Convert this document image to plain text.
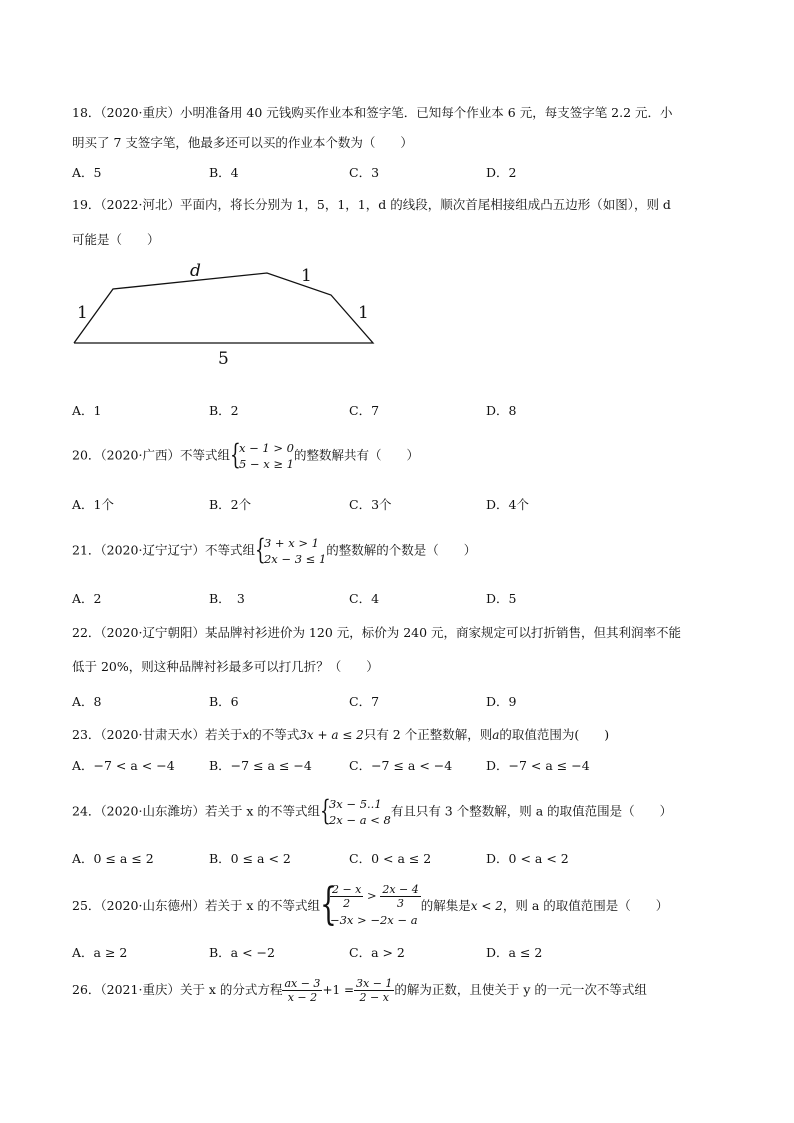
18．（2020·重庆）小明准备用 40 元钱购买作业本和签字笔．已知每个作业本 6 元，每支签字笔 2.2 元．小
明买了 7 支签字笔，他最多还可以买的作业本个数为（　　）
A．5	B．4	C．3	D．2
19．（2022·河北）平面内，将长分别为 1，5，1，1，d 的线段，顺次首尾相接组成凸五边形（如图），则 d
可能是（　　）
1
d	1
1
5
A．1	B．2	C．7	D．8
20．（2020·广西）不等式组 {
x − 1 > 0
5 − x ≥ 1
的整数解共有（　　）
A．1个	B．2个	C．3个	D．4个
21．（2020·辽宁辽宁）不等式组 {
3 + x > 1
2x − 3 ≤ 1
的整数解的个数是（　　）
A．2	B．　3	C．4	D．5
22．（2020·辽宁朝阳）某品牌衬衫进价为 120 元，标价为 240 元，商家规定可以打折销售，但其利润率不能
低于 20%，则这种品牌衬衫最多可以打几折？（　　）
A．8	B．6	C．7	D．9
23．（2020·甘肃天水）若关于x的不等式3x + a ≤ 2只有 2 个正整数解，则a的取值范围为(　　)
A．−7 < a < −4	B．−7 ≤ a ≤ −4	C．−7 ≤ a < −4	D．−7 < a ≤ −4
24．（2020·山东潍坊）若关于 x 的不等式组 {
3x − 5..1
2x − a < 8
有且只有 3 个整数解，则 a 的取值范围是（　　）
A．0 ≤ a ≤ 2	B．0 ≤ a < 2	C．0 < a ≤ 2	D．0 < a < 2
25．（2020·山东德州）若关于 x 的不等式组 {
$\frac{2 - x}{2} > \frac{2x - 4}{3}$
−3x > −2x − a
的解集是x < 2，则 a 的取值范围是（　　）
A．a ≥ 2	B．a < −2	C．a > 2	D．a ≤ 2
26．（2021·重庆）关于 x 的分式方程 $\frac{ax - 3}{x - 2} +1 = \frac{3x - 1}{2 - x}$ 的解为正数，且使关于 y 的一元一次不等式组
